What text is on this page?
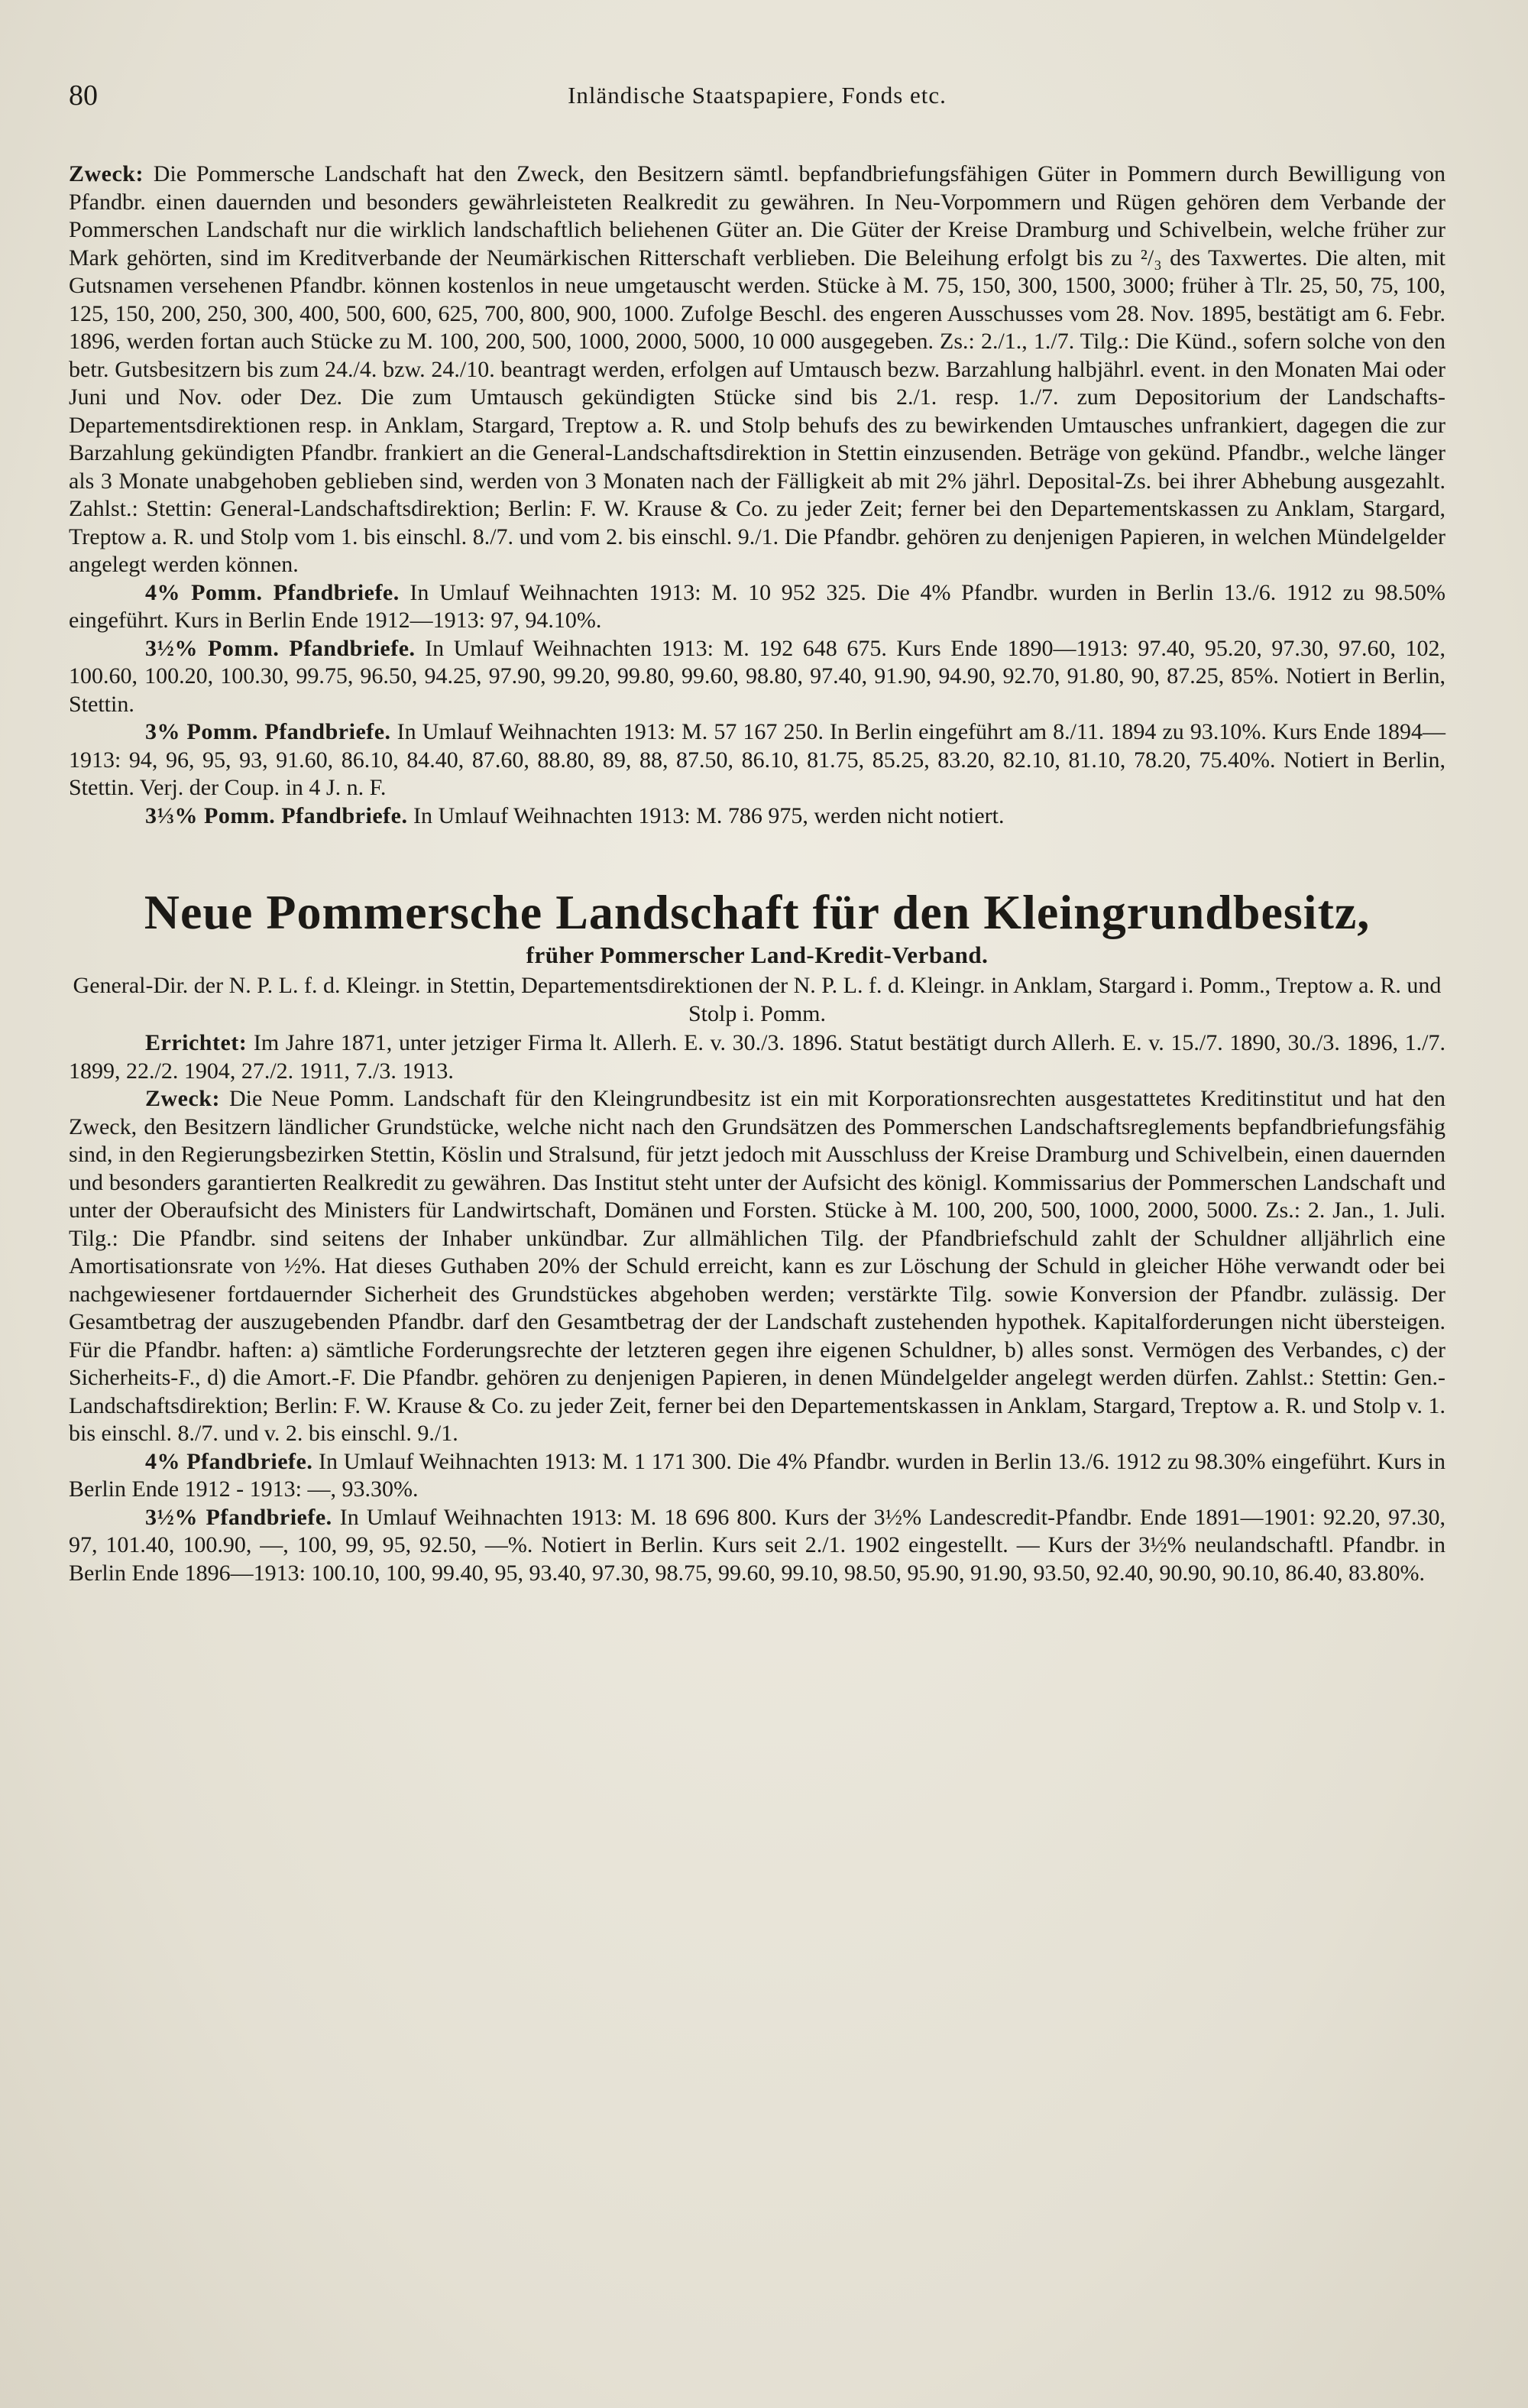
80	Inländische Staatspapiere, Fonds etc.

Zweck: Die Pommersche Landschaft hat den Zweck, den Besitzern sämtl. bepfandbriefungsfähigen Güter in Pommern durch Bewilligung von Pfandbr. einen dauernden und besonders gewährleisteten Realkredit zu gewähren. In Neu-Vorpommern und Rügen gehören dem Verbande der Pommerschen Landschaft nur die wirklich landschaftlich beliehenen Güter an. Die Güter der Kreise Dramburg und Schivelbein, welche früher zur Mark gehörten, sind im Kreditverbande der Neumärkischen Ritterschaft verblieben. Die Beleihung erfolgt bis zu ²/₃ des Taxwertes. Die alten, mit Gutsnamen versehenen Pfandbr. können kostenlos in neue umgetauscht werden. Stücke à M. 75, 150, 300, 1500, 3000; früher à Tlr. 25, 50, 75, 100, 125, 150, 200, 250, 300, 400, 500, 600, 625, 700, 800, 900, 1000. Zufolge Beschl. des engeren Ausschusses vom 28. Nov. 1895, bestätigt am 6. Febr. 1896, werden fortan auch Stücke zu M. 100, 200, 500, 1000, 2000, 5000, 10 000 ausgegeben. Zs.: 2./1., 1./7. Tilg.: Die Künd., sofern solche von den betr. Gutsbesitzern bis zum 24./4. bzw. 24./10. beantragt werden, erfolgen auf Umtausch bezw. Barzahlung halbjährl. event. in den Monaten Mai oder Juni und Nov. oder Dez. Die zum Umtausch gekündigten Stücke sind bis 2./1. resp. 1./7. zum Depositorium der Landschafts-Departementsdirektionen resp. in Anklam, Stargard, Treptow a. R. und Stolp behufs des zu bewirkenden Umtausches unfrankiert, dagegen die zur Barzahlung gekündigten Pfandbr. frankiert an die General-Landschaftsdirektion in Stettin einzusenden. Beträge von gekünd. Pfandbr., welche länger als 3 Monate unabgehoben geblieben sind, werden von 3 Monaten nach der Fälligkeit ab mit 2% jährl. Deposital-Zs. bei ihrer Abhebung ausgezahlt. Zahlst.: Stettin: General-Landschaftsdirektion; Berlin: F. W. Krause & Co. zu jeder Zeit; ferner bei den Departementskassen zu Anklam, Stargard, Treptow a. R. und Stolp vom 1. bis einschl. 8./7. und vom 2. bis einschl. 9./1. Die Pfandbr. gehören zu denjenigen Papieren, in welchen Mündelgelder angelegt werden können.

4% Pomm. Pfandbriefe. In Umlauf Weihnachten 1913: M. 10 952 325. Die 4% Pfandbr. wurden in Berlin 13./6. 1912 zu 98.50% eingeführt. Kurs in Berlin Ende 1912—1913: 97, 94.10%.

3½% Pomm. Pfandbriefe. In Umlauf Weihnachten 1913: M. 192 648 675. Kurs Ende 1890—1913: 97.40, 95.20, 97.30, 97.60, 102, 100.60, 100.20, 100.30, 99.75, 96.50, 94.25, 97.90, 99.20, 99.80, 99.60, 98.80, 97.40, 91.90, 94.90, 92.70, 91.80, 90, 87.25, 85%. Notiert in Berlin, Stettin.

3% Pomm. Pfandbriefe. In Umlauf Weihnachten 1913: M. 57 167 250. In Berlin eingeführt am 8./11. 1894 zu 93.10%. Kurs Ende 1894—1913: 94, 96, 95, 93, 91.60, 86.10, 84.40, 87.60, 88.80, 89, 88, 87.50, 86.10, 81.75, 85.25, 83.20, 82.10, 81.10, 78.20, 75.40%. Notiert in Berlin, Stettin. Verj. der Coup. in 4 J. n. F.

3⅓% Pomm. Pfandbriefe. In Umlauf Weihnachten 1913: M. 786 975, werden nicht notiert.

Neue Pommersche Landschaft für den Kleingrundbesitz,
früher Pommerscher Land-Kredit-Verband.
General-Dir. der N. P. L. f. d. Kleingr. in Stettin, Departementsdirektionen der N. P. L. f. d. Kleingr. in Anklam, Stargard i. Pomm., Treptow a. R. und Stolp i. Pomm.

Errichtet: Im Jahre 1871, unter jetziger Firma lt. Allerh. E. v. 30./3. 1896. Statut bestätigt durch Allerh. E. v. 15./7. 1890, 30./3. 1896, 1./7. 1899, 22./2. 1904, 27./2. 1911, 7./3. 1913.

Zweck: Die Neue Pomm. Landschaft für den Kleingrundbesitz ist ein mit Korporationsrechten ausgestattetes Kreditinstitut und hat den Zweck, den Besitzern ländlicher Grundstücke, welche nicht nach den Grundsätzen des Pommerschen Landschaftsreglements bepfandbriefungsfähig sind, in den Regierungsbezirken Stettin, Köslin und Stralsund, für jetzt jedoch mit Ausschluss der Kreise Dramburg und Schivelbein, einen dauernden und besonders garantierten Realkredit zu gewähren. Das Institut steht unter der Aufsicht des königl. Kommissarius der Pommerschen Landschaft und unter der Oberaufsicht des Ministers für Landwirtschaft, Domänen und Forsten. Stücke à M. 100, 200, 500, 1000, 2000, 5000. Zs.: 2. Jan., 1. Juli. Tilg.: Die Pfandbr. sind seitens der Inhaber unkündbar. Zur allmählichen Tilg. der Pfandbriefschuld zahlt der Schuldner alljährlich eine Amortisationsrate von ½%. Hat dieses Guthaben 20% der Schuld erreicht, kann es zur Löschung der Schuld in gleicher Höhe verwandt oder bei nachgewiesener fortdauernder Sicherheit des Grundstückes abgehoben werden; verstärkte Tilg. sowie Konversion der Pfandbr. zulässig. Der Gesamtbetrag der auszugebenden Pfandbr. darf den Gesamtbetrag der der Landschaft zustehenden hypothek. Kapitalforderungen nicht übersteigen. Für die Pfandbr. haften: a) sämtliche Forderungsrechte der letzteren gegen ihre eigenen Schuldner, b) alles sonst. Vermögen des Verbandes, c) der Sicherheits-F., d) die Amort.-F. Die Pfandbr. gehören zu denjenigen Papieren, in denen Mündelgelder angelegt werden dürfen. Zahlst.: Stettin: Gen.-Landschaftsdirektion; Berlin: F. W. Krause & Co. zu jeder Zeit, ferner bei den Departementskassen in Anklam, Stargard, Treptow a. R. und Stolp v. 1. bis einschl. 8./7. und v. 2. bis einschl. 9./1.

4% Pfandbriefe. In Umlauf Weihnachten 1913: M. 1 171 300. Die 4% Pfandbr. wurden in Berlin 13./6. 1912 zu 98.30% eingeführt. Kurs in Berlin Ende 1912 - 1913: —, 93.30%.

3½% Pfandbriefe. In Umlauf Weihnachten 1913: M. 18 696 800. Kurs der 3½% Landescredit-Pfandbr. Ende 1891—1901: 92.20, 97.30, 97, 101.40, 100.90, —, 100, 99, 95, 92.50, —%. Notiert in Berlin. Kurs seit 2./1. 1902 eingestellt. — Kurs der 3½% neulandschaftl. Pfandbr. in Berlin Ende 1896—1913: 100.10, 100, 99.40, 95, 93.40, 97.30, 98.75, 99.60, 99.10, 98.50, 95.90, 91.90, 93.50, 92.40, 90.90, 90.10, 86.40, 83.80%.
